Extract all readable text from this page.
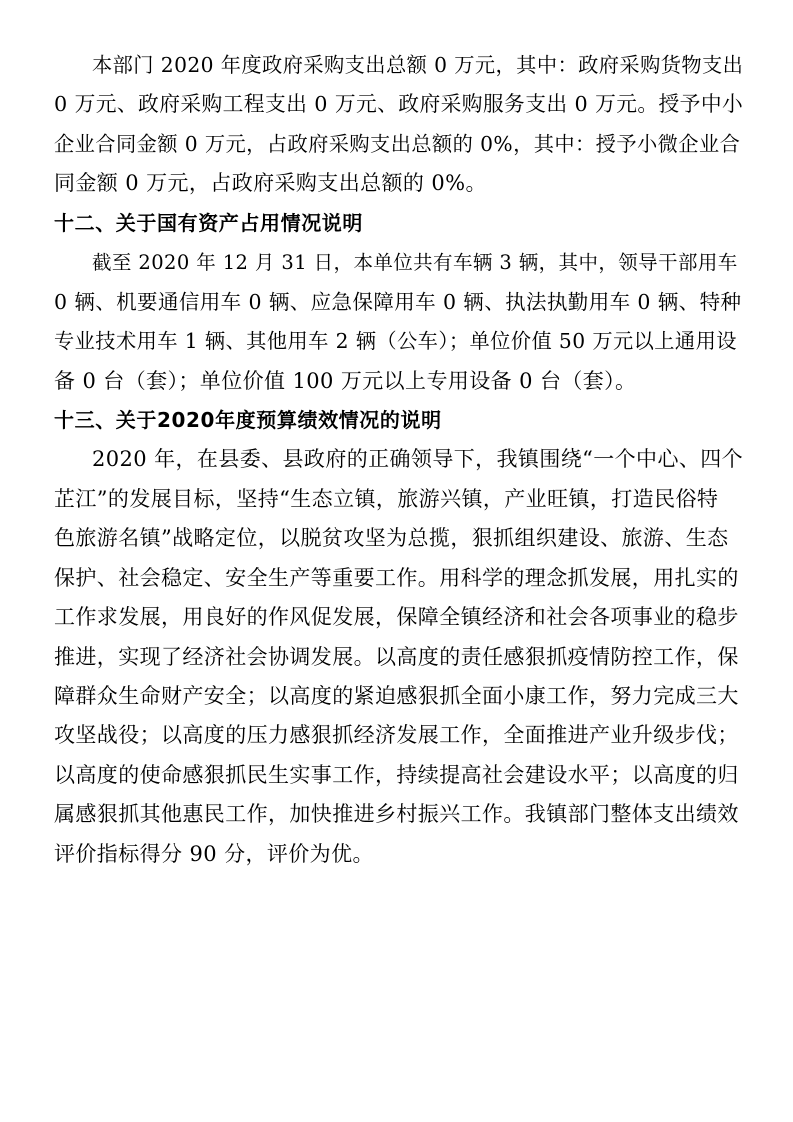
本部门 2020 年度政府采购支出总额 0 万元，其中：政府采购货物支出
0 万元、政府采购工程支出 0 万元、政府采购服务支出 0 万元。授予中小
企业合同金额 0 万元，占政府采购支出总额的 0%，其中：授予小微企业合
同金额 0 万元，占政府采购支出总额的 0%。
十二、关于国有资产占用情况说明
截至 2020 年 12 月 31 日，本单位共有车辆 3 辆，其中，领导干部用车
0 辆、机要通信用车 0 辆、应急保障用车 0 辆、执法执勤用车 0 辆、特种
专业技术用车 1 辆、其他用车 2 辆（公车）；单位价值 50 万元以上通用设
备 0 台（套）；单位价值 100 万元以上专用设备 0 台（套）。
十三、关于2020年度预算绩效情况的说明
2020 年，在县委、县政府的正确领导下，我镇围绕“一个中心、四个
芷江”的发展目标，坚持“生态立镇，旅游兴镇，产业旺镇，打造民俗特
色旅游名镇”战略定位，以脱贫攻坚为总揽，狠抓组织建设、旅游、生态
保护、社会稳定、安全生产等重要工作。用科学的理念抓发展，用扎实的
工作求发展，用良好的作风促发展，保障全镇经济和社会各项事业的稳步
推进，实现了经济社会协调发展。以高度的责任感狠抓疫情防控工作，保
障群众生命财产安全；以高度的紧迫感狠抓全面小康工作，努力完成三大
攻坚战役；以高度的压力感狠抓经济发展工作，全面推进产业升级步伐；
以高度的使命感狠抓民生实事工作，持续提高社会建设水平；以高度的归
属感狠抓其他惠民工作，加快推进乡村振兴工作。我镇部门整体支出绩效
评价指标得分 90 分，评价为优。
